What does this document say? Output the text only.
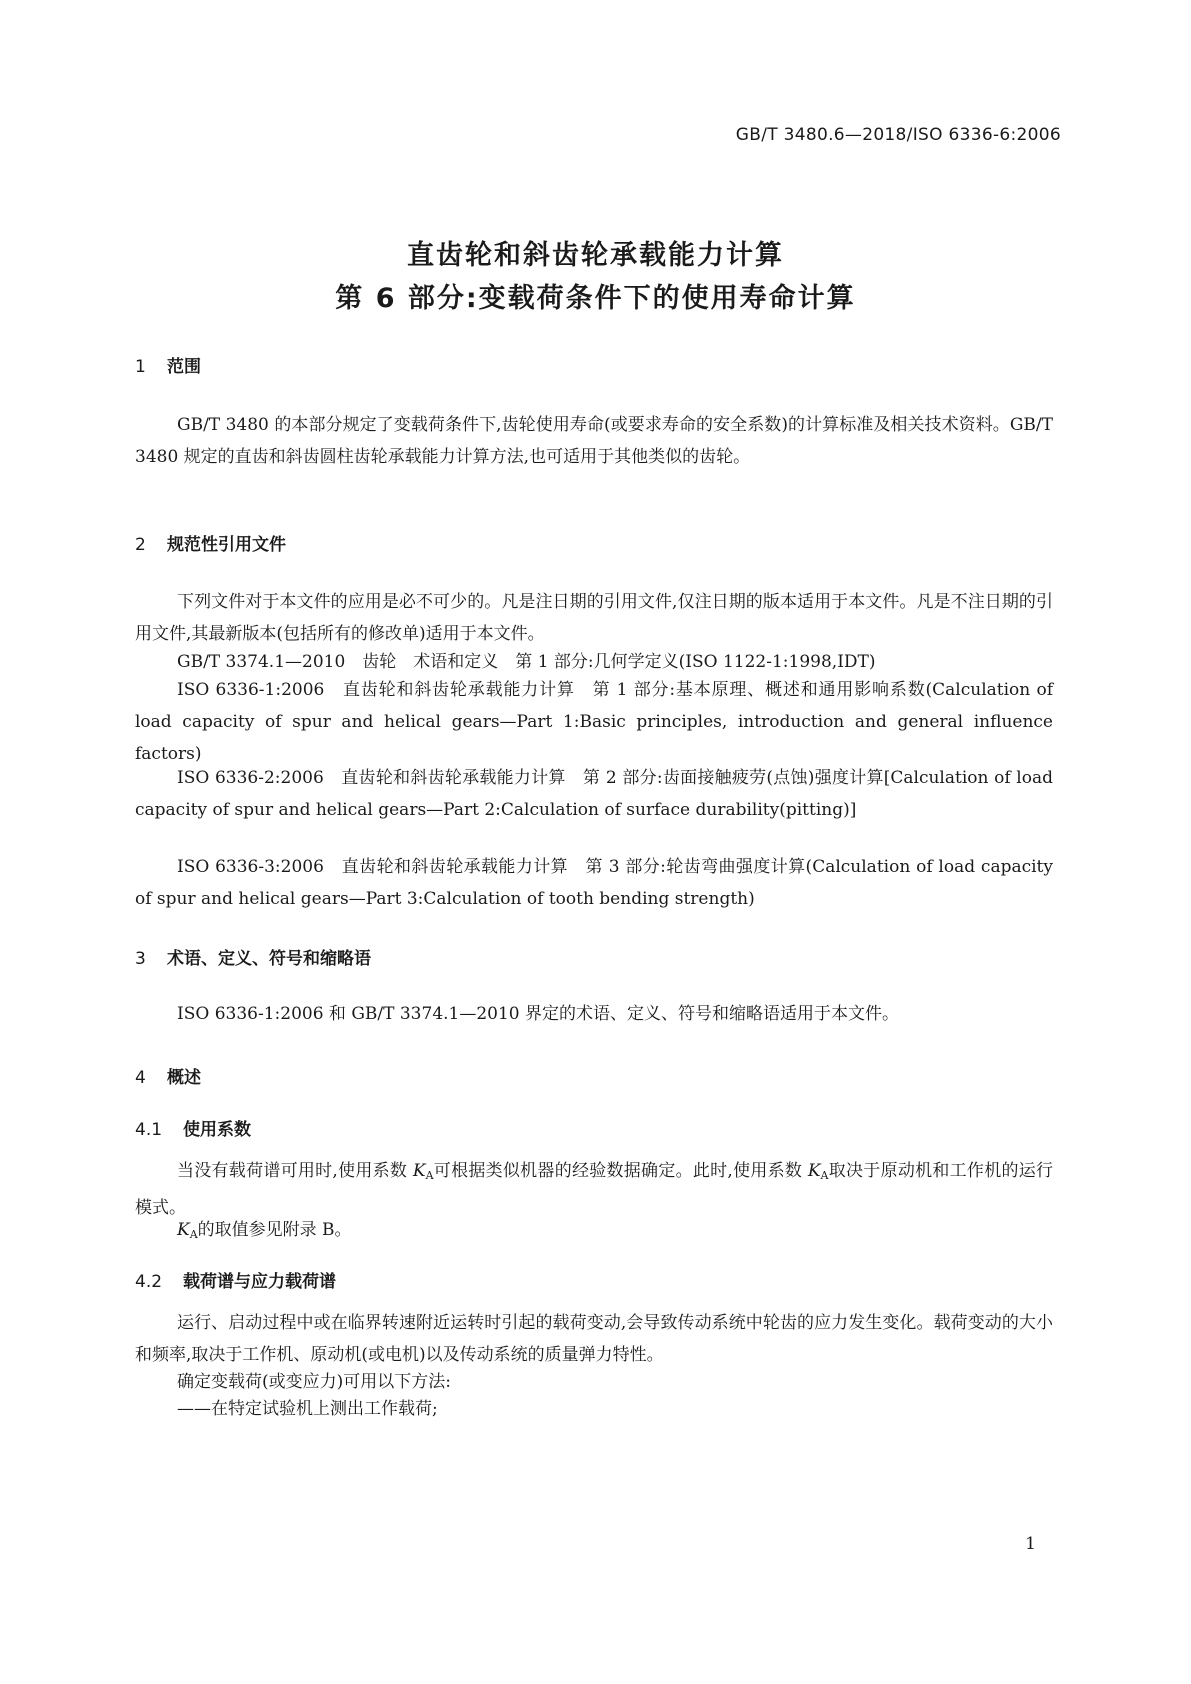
GB/T 3480.6—2018/ISO 6336-6:2006
直齿轮和斜齿轮承载能力计算
第 6 部分:变载荷条件下的使用寿命计算
1 范围
GB/T 3480 的本部分规定了变载荷条件下,齿轮使用寿命(或要求寿命的安全系数)的计算标准及相关技术资料。GB/T 3480 规定的直齿和斜齿圆柱齿轮承载能力计算方法,也可适用于其他类似的齿轮。
2 规范性引用文件
下列文件对于本文件的应用是必不可少的。凡是注日期的引用文件,仅注日期的版本适用于本文件。凡是不注日期的引用文件,其最新版本(包括所有的修改单)适用于本文件。
GB/T 3374.1—2010　齿轮　术语和定义　第 1 部分:几何学定义(ISO 1122-1:1998,IDT)
ISO 6336-1:2006　直齿轮和斜齿轮承载能力计算　第 1 部分:基本原理、概述和通用影响系数(Calculation of load capacity of spur and helical gears—Part 1:Basic principles, introduction and general influence factors)
ISO 6336-2:2006　直齿轮和斜齿轮承载能力计算　第 2 部分:齿面接触疲劳(点蚀)强度计算[Calculation of load capacity of spur and helical gears—Part 2:Calculation of surface durability(pitting)]
ISO 6336-3:2006　直齿轮和斜齿轮承载能力计算　第 3 部分:轮齿弯曲强度计算(Calculation of load capacity of spur and helical gears—Part 3:Calculation of tooth bending strength)
3 术语、定义、符号和缩略语
ISO 6336-1:2006 和 GB/T 3374.1—2010 界定的术语、定义、符号和缩略语适用于本文件。
4 概述
4.1 使用系数
当没有载荷谱可用时,使用系数 $K_A$可根据类似机器的经验数据确定。此时,使用系数 $K_A$取决于原动机和工作机的运行模式。
$K_A$的取值参见附录 B。
4.2 载荷谱与应力载荷谱
运行、启动过程中或在临界转速附近运转时引起的载荷变动,会导致传动系统中轮齿的应力发生变化。载荷变动的大小和频率,取决于工作机、原动机(或电机)以及传动系统的质量弹力特性。
确定变载荷(或变应力)可用以下方法:
——在特定试验机上测出工作载荷;
1
